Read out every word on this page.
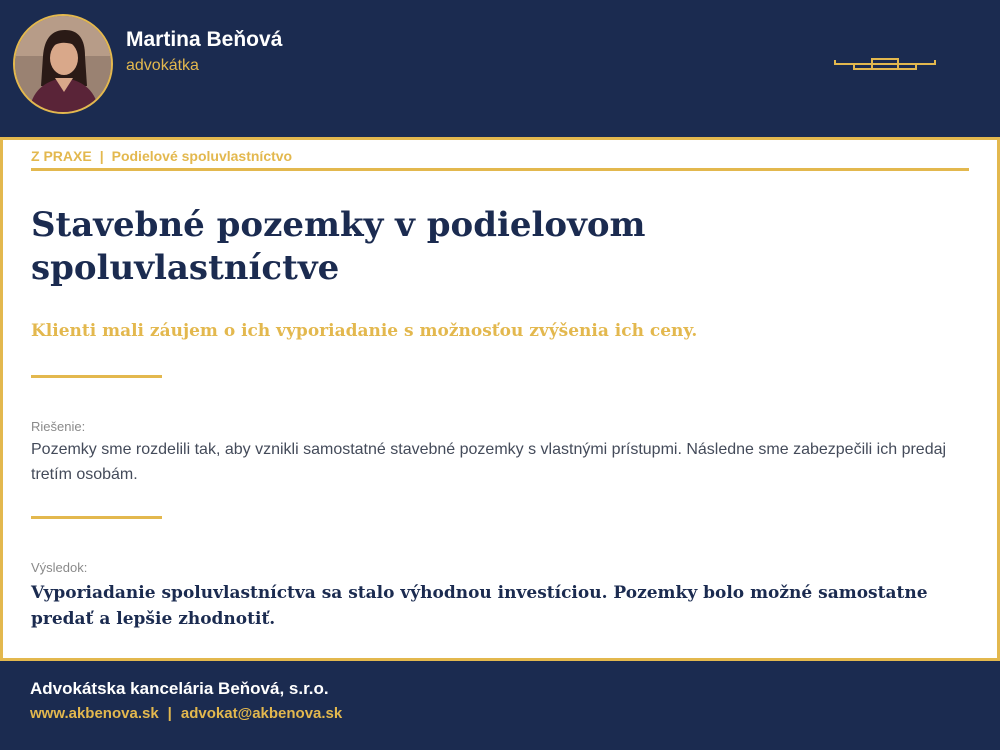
Martina Beňová
advokátka
Z PRAXE | Podielové spoluvlastníctvo
Stavebné pozemky v podielovom spoluvlastníctve

Klienti mali záujem o ich vyporiadanie s možnosťou zvýšenia ich ceny.

Riešenie:

Pozemky sme rozdelili tak, aby vznikli samostatné stavebné pozemky s vlastnými prístupmi. Následne sme zabezpečili ich predaj tretím osobám.

Výsledok:

Vyporiadanie spoluvlastníctva sa stalo výhodnou investíciou. Pozemky bolo možné samostatne predať a lepšie zhodnotiť.

Advokátska kancelária Beňová, s.r.o.
www.akbenova.sk | advokat@akbenova.sk
